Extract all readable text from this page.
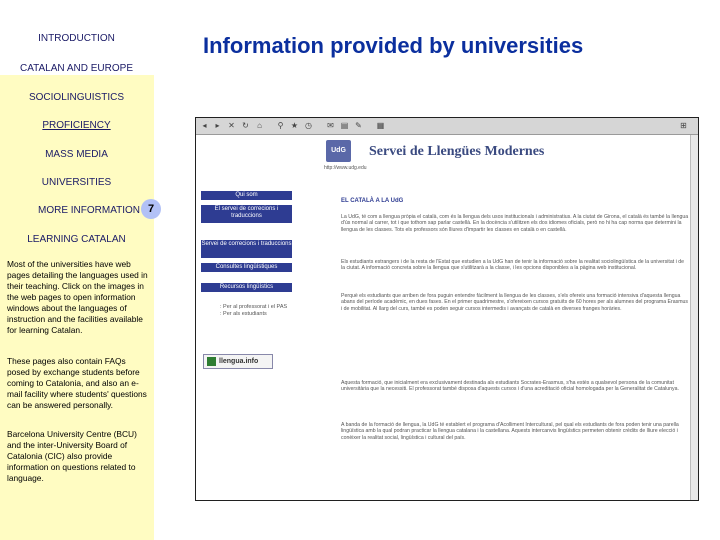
INTRODUCTION
CATALAN AND EUROPE
SOCIOLINGUISTICS
PROFICIENCY
MASS MEDIA
UNIVERSITIES
MORE INFORMATION
LEARNING CATALAN
Most of the universities have web pages detailing the languages used in their teaching. Click on the images in the web pages to open information windows about the languages of instruction and the facilities available for learning Catalan.
These pages also contain FAQs posed by exchange students before coming to Catalonia, and also an e-mail facility where students' questions can be answered personally.
Barcelona University Centre (BCU) and the inter-University Board of Catalonia (CIC) also provide information on questions related to language.
7
Information provided by universities
◂	▸	✕ ↻ ⌂ ⚲ ★ ◷ ✉ ▤ ✎ ▦	⊞
UdG	Servei de Llengües Modernes
http://www.udg.edu
Qui som
El servei de correcions i traduccions
Servei de correcions i traduccions
Consultes lingüístiques
Recursos lingüístics
: Per al professorat i el PAS
: Per als estudiants
llengua.info
EL CATALÀ A LA UdG
La UdG, té com a llengua pròpia el català, com és la llengua dels usos institucionals i administratius. A la ciutat de Girona, el català és també la llengua d'ús normal al carrer, tot i que tothom sap parlar castellà. En la docència s'utilitzen els dos idiomes oficials, però no hi ha cap norma que determini la llengua de les classes. Tots els professors són lliures d'impartir les classes en català o en castellà.
Els estudiants estrangers i de la resta de l'Estat que estudien a la UdG han de tenir la informació sobre la realitat sociolingüística de la universitat i de la ciutat. A informació concreta sobre la llengua que s'utilitzarà a la classe, i les opcions disponibles a la pàgina web institucional.
Perquè els estudiants que arriben de fora puguin entendre fàcilment la llengua de les classes, s'els ofereix una formació intensiva d'aquesta llengua abans del període acadèmic, en dues fases. En el primer quadrimestre, s'ofereixen cursos gratuïts de 60 hores per als alumnes del programa Erasmus i de mobilitat. Al llarg del curs, també es poden seguir cursos intermedis i avançats de català en diverses franges horàries.
Aquesta formació, que inicialment era exclusivament destinada als estudiants Socrates-Erasmus, s'ha estès a qualsevol persona de la comunitat universitària que la necessiti. El professorat també disposa d'aquests cursos i d'una acreditació oficial homologada per la Generalitat de Catalunya.
A banda de la formació de llengua, la UdG té establert el programa d'Acolliment Intercultural, pel qual els estudiants de fora poden tenir una parella lingüística amb la qual podran practicar la llengua catalana i la castellana. Aquests intercanvis lingüístics permeten obtenir crèdits de lliure elecció i conèixer la realitat social, lingüística i cultural del país.
